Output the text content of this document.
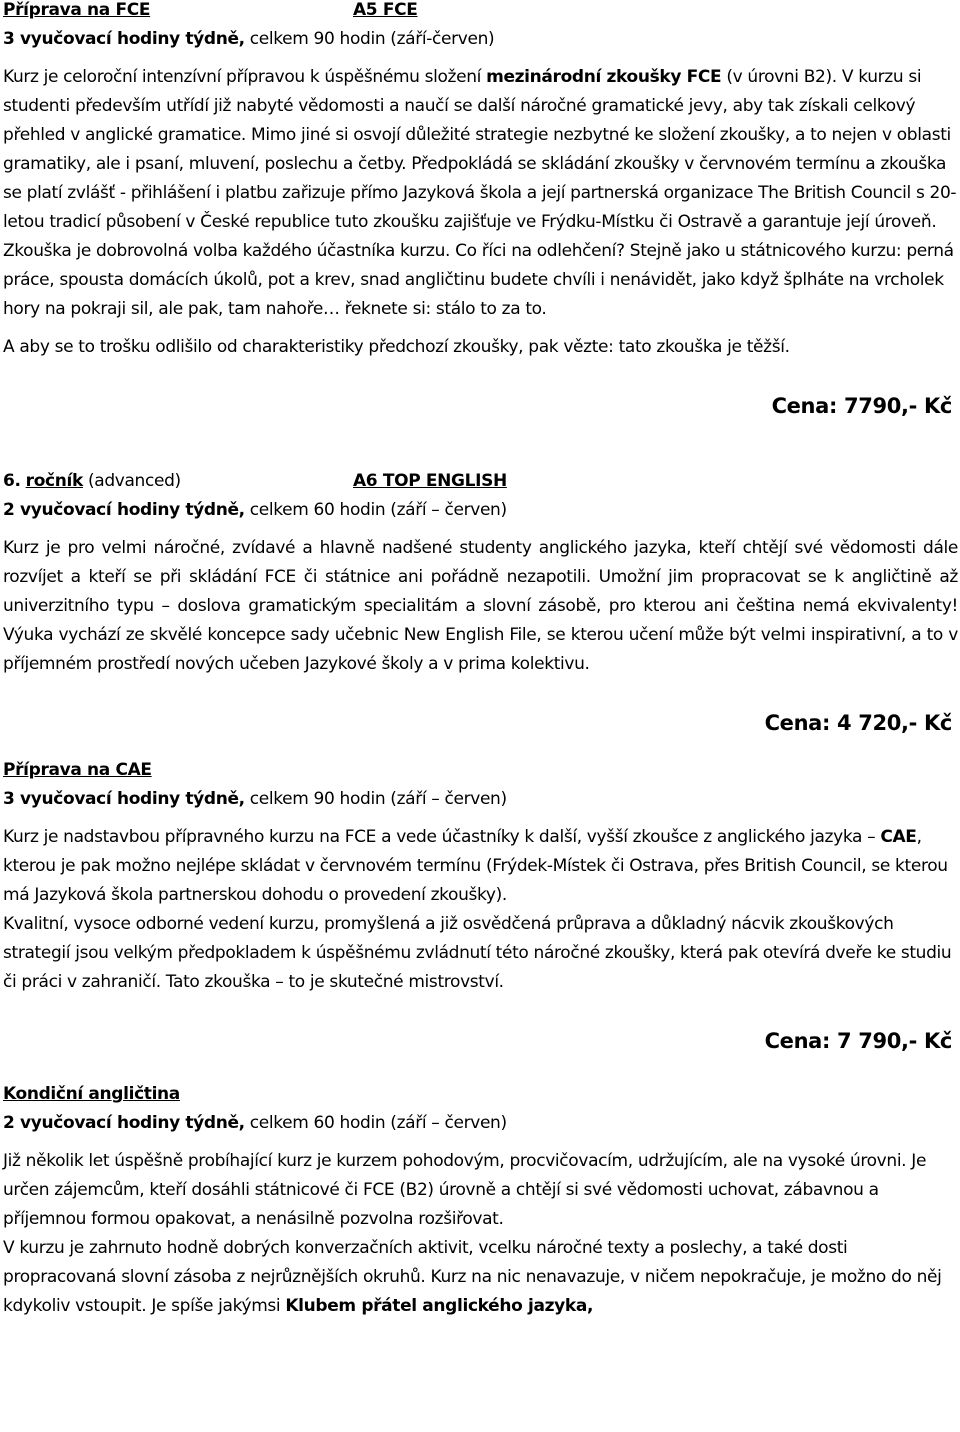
Příprava na FCE	A5 FCE
3 vyučovací hodiny týdně, celkem 90 hodin (září-červen)

Kurz je celoroční intenzívní přípravou k úspěšnému složení mezinárodní zkoušky FCE (v úrovni B2). V kurzu si studenti především utřídí již nabyté vědomosti a naučí se další náročné gramatické jevy, aby tak získali celkový přehled v anglické gramatice. Mimo jiné si osvojí důležité strategie nezbytné ke složení zkoušky, a to nejen v oblasti gramatiky, ale i psaní, mluvení, poslechu a četby. Předpokládá se skládání zkoušky v červnovém termínu a zkouška se platí zvlášť - přihlášení i platbu zařizuje přímo Jazyková škola a její partnerská organizace The British Council s 20-letou tradicí působení v České republice tuto zkoušku zajišťuje ve Frýdku-Místku či Ostravě a garantuje její úroveň. Zkouška je dobrovolná volba každého účastníka kurzu. Co říci na odlehčení? Stejně jako u státnicového kurzu: perná práce, spousta domácích úkolů, pot a krev, snad angličtinu budete chvíli i nenávidět, jako když šplháte na vrcholek hory na pokraji sil, ale pak, tam nahoře… řeknete si: stálo to za to.

A aby se to trošku odlišilo od charakteristiky předchozí zkoušky, pak vězte: tato zkouška je těžší.

Cena: 7790,- Kč
6. ročník (advanced)	A6 TOP ENGLISH
2 vyučovací hodiny týdně, celkem 60 hodin (září – červen)

Kurz je pro velmi náročné, zvídavé a hlavně nadšené studenty anglického jazyka, kteří chtějí své vědomosti dále rozvíjet a kteří se při skládání FCE či státnice ani pořádně nezapotili. Umožní jim propracovat se k angličtině až univerzitního typu – doslova gramatickým specialitám a slovní zásobě, pro kterou ani čeština nemá ekvivalenty! Výuka vychází ze skvělé koncepce sady učebnic New English File, se kterou učení může být velmi inspirativní, a to v příjemném prostředí nových učeben Jazykové školy a v prima kolektivu.

Cena: 4 720,- Kč
Příprava na CAE
3 vyučovací hodiny týdně, celkem 90 hodin (září – červen)

Kurz je nadstavbou přípravného kurzu na FCE a vede účastníky k další, vyšší zkoušce z anglického jazyka – CAE, kterou je pak možno nejlépe skládat v červnovém termínu (Frýdek-Místek či Ostrava, přes British Council, se kterou má Jazyková škola partnerskou dohodu o provedení zkoušky).

Kvalitní, vysoce odborné vedení kurzu, promyšlená a již osvědčená průprava a důkladný nácvik zkouškových strategií jsou velkým předpokladem k úspěšnému zvládnutí této náročné zkoušky, která pak otevírá dveře ke studiu či práci v zahraničí. Tato zkouška – to je skutečné mistrovství.

Cena: 7 790,- Kč
Kondiční angličtina
2 vyučovací hodiny týdně, celkem 60 hodin (září – červen)

Již několik let úspěšně probíhající kurz je kurzem pohodovým, procvičovacím, udržujícím, ale na vysoké úrovni. Je určen zájemcům, kteří dosáhli státnicové či FCE (B2) úrovně a chtějí si své vědomosti uchovat, zábavnou a příjemnou formou opakovat, a nenásilně pozvolna rozšiřovat.

V kurzu je zahrnuto hodně dobrých konverzačních aktivit, vcelku náročné texty a poslechy, a také dosti propracovaná slovní zásoba z nejrůznějších okruhů. Kurz na nic nenavazuje, v ničem nepokračuje, je možno do něj kdykoliv vstoupit. Je spíše jakýmsi Klubem přátel anglického jazyka,
